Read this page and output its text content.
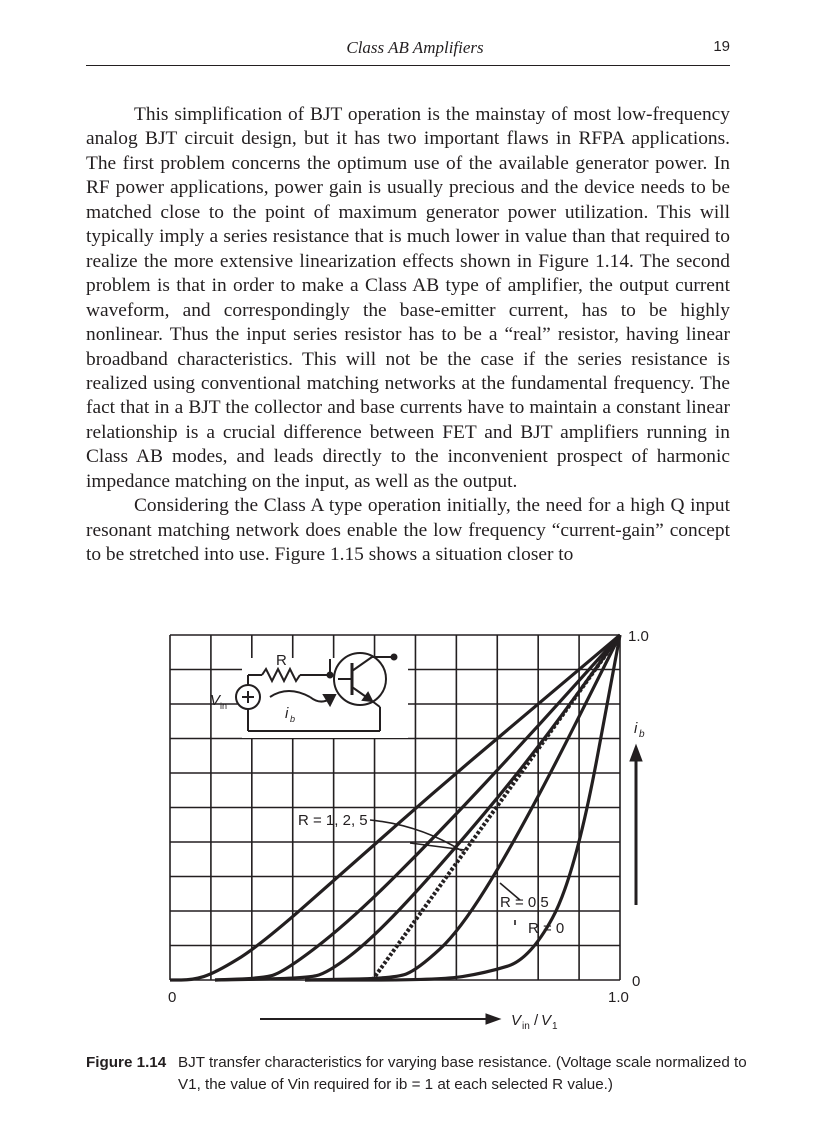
Class AB Amplifiers	19

This simplification of BJT operation is the mainstay of most low-frequency analog BJT circuit design, but it has two important flaws in RFPA applications. The first problem concerns the optimum use of the available generator power. In RF power applications, power gain is usually precious and the device needs to be matched close to the point of maximum generator power utilization. This will typically imply a series resistance that is much lower in value than that required to realize the more extensive linearization effects shown in Figure 1.14. The second problem is that in order to make a Class AB type of amplifier, the output current waveform, and correspondingly the base-emitter current, has to be highly nonlinear. Thus the input series resistor has to be a “real” resistor, having linear broadband characteristics. This will not be the case if the series resistance is realized using conventional matching networks at the fundamental frequency. The fact that in a BJT the collector and base currents have to maintain a constant linear relationship is a crucial difference between FET and BJT amplifiers running in Class AB modes, and leads directly to the inconvenient prospect of harmonic impedance matching on the input, as well as the output.

Considering the Class A type operation initially, the need for a high Q input resonant matching network does enable the low frequency “current-gain” concept to be stretched into use. Figure 1.15 shows a situation closer to

1.0
0
0	1.0
V in / V 1
i b
R = 1, 2, 5
R = 0.5
R = 0
R
V in	i b
Figure 1.14 BJT transfer characteristics for varying base resistance. (Voltage scale normalized to V1, the value of Vin required for ib = 1 at each selected R value.)
